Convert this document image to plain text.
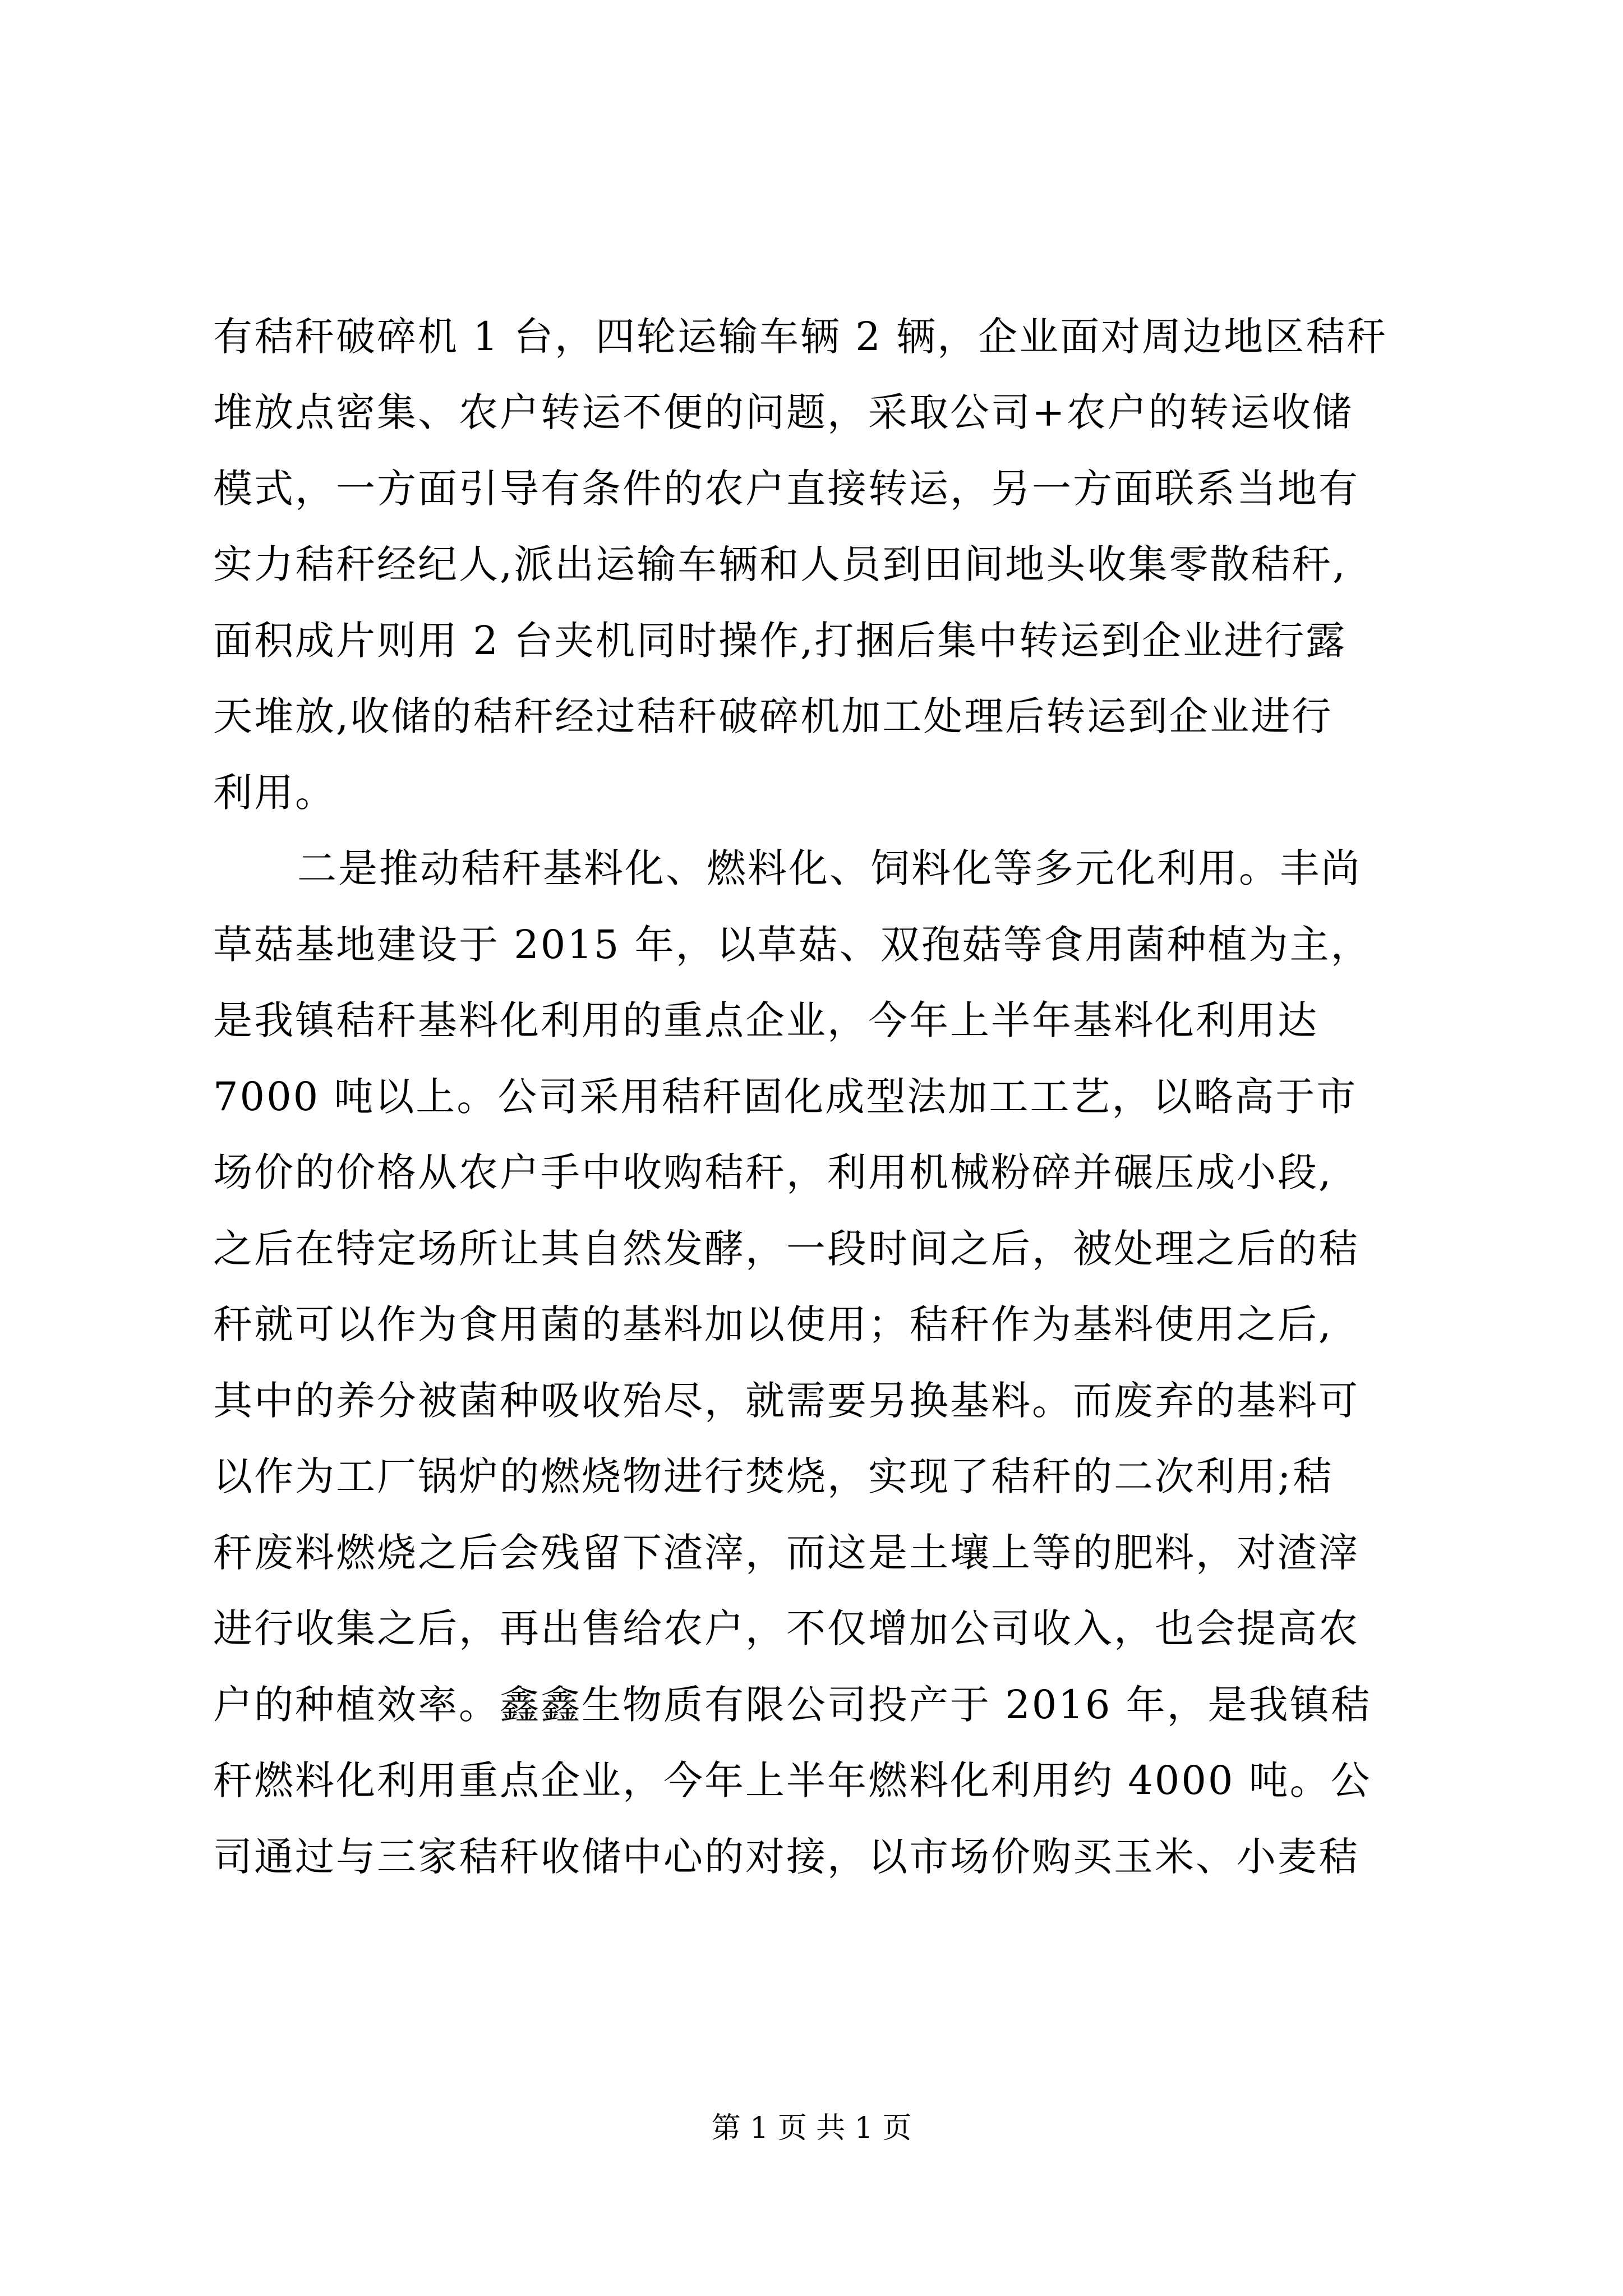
有秸秆破碎机 1 台，四轮运输车辆 2 辆，企业面对周边地区秸秆
堆放点密集、农户转运不便的问题，采取公司+农户的转运收储
模式，一方面引导有条件的农户直接转运，另一方面联系当地有
实力秸秆经纪人,派出运输车辆和人员到田间地头收集零散秸秆,
面积成片则用 2 台夹机同时操作,打捆后集中转运到企业进行露
天堆放,收储的秸秆经过秸秆破碎机加工处理后转运到企业进行
利用。
二是推动秸秆基料化、燃料化、饲料化等多元化利用。丰尚
草菇基地建设于 2015 年，以草菇、双孢菇等食用菌种植为主，
是我镇秸秆基料化利用的重点企业，今年上半年基料化利用达
7000 吨以上。公司采用秸秆固化成型法加工工艺，以略高于市
场价的价格从农户手中收购秸秆，利用机械粉碎并碾压成小段,
之后在特定场所让其自然发酵，一段时间之后，被处理之后的秸
秆就可以作为食用菌的基料加以使用；秸秆作为基料使用之后,
其中的养分被菌种吸收殆尽，就需要另换基料。而废弃的基料可
以作为工厂锅炉的燃烧物进行焚烧，实现了秸秆的二次利用;秸
秆废料燃烧之后会残留下渣滓，而这是土壤上等的肥料，对渣滓
进行收集之后，再出售给农户，不仅增加公司收入，也会提高农
户的种植效率。鑫鑫生物质有限公司投产于 2016 年，是我镇秸
秆燃料化利用重点企业，今年上半年燃料化利用约 4000 吨。公
司通过与三家秸秆收储中心的对接，以市场价购买玉米、小麦秸
第 1 页 共 1 页
